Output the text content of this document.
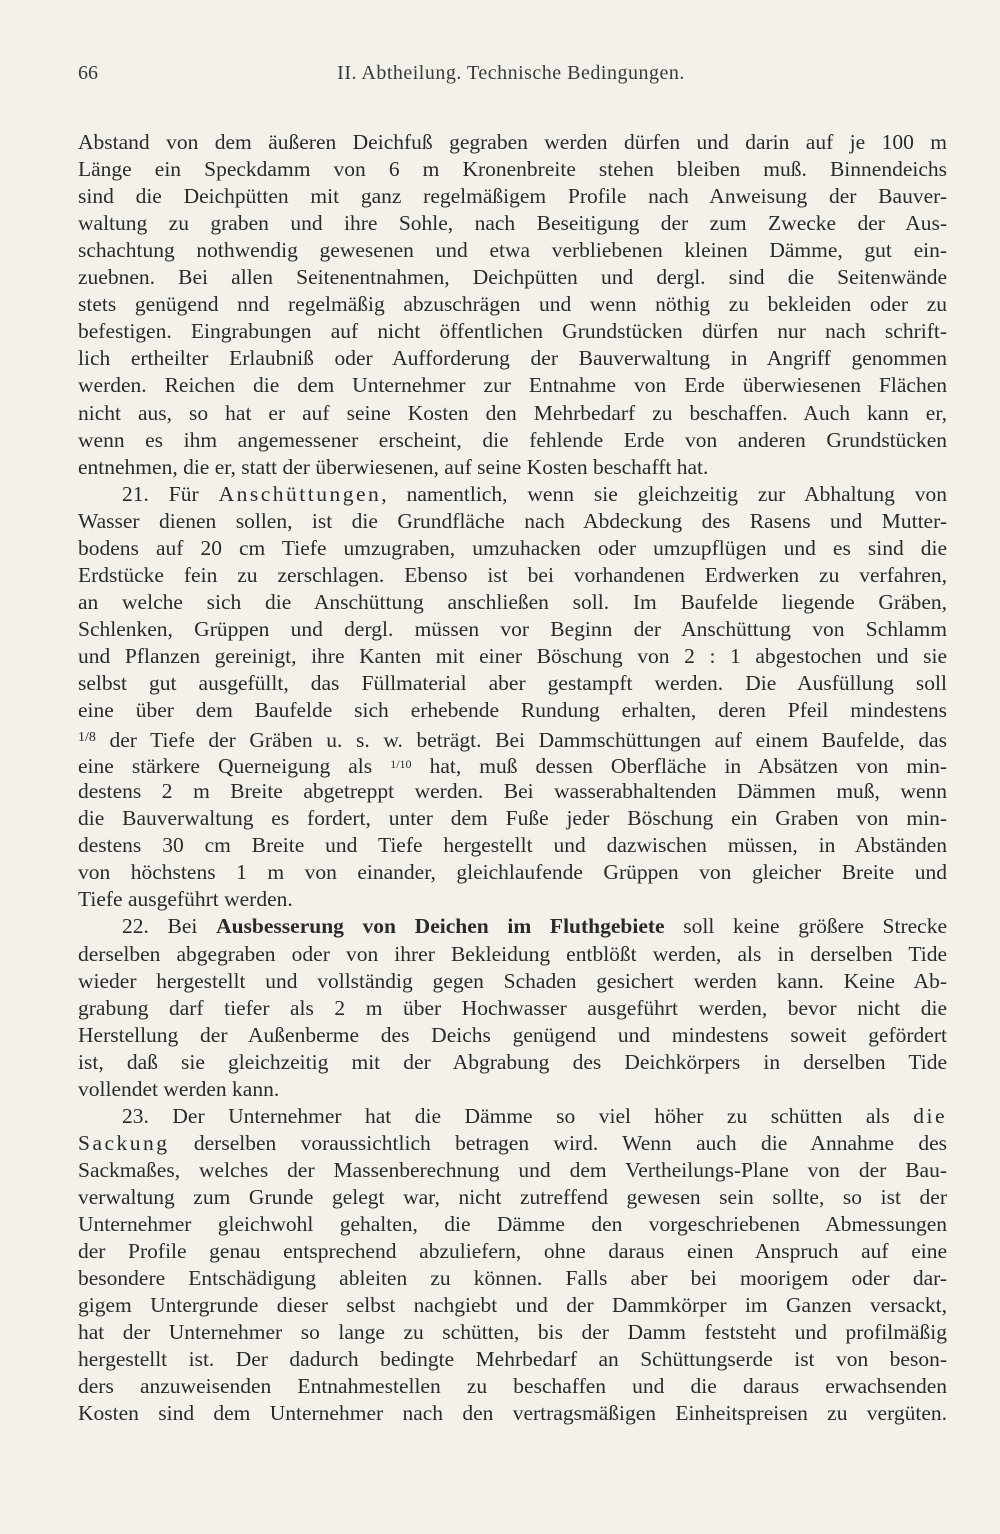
66	II. Abtheilung. Technische Bedingungen.
Abstand von dem äußeren Deichfuß gegraben werden dürfen und darin auf je 100 m
Länge ein Speckdamm von 6 m Kronenbreite stehen bleiben muß. Binnendeichs
sind die Deichpütten mit ganz regelmäßigem Profile nach Anweisung der Bauver-
waltung zu graben und ihre Sohle, nach Beseitigung der zum Zwecke der Aus-
schachtung nothwendig gewesenen und etwa verbliebenen kleinen Dämme, gut ein-
zuebnen. Bei allen Seitenentnahmen, Deichpütten und dergl. sind die Seitenwände
stets genügend nnd regelmäßig abzuschrägen und wenn nöthig zu bekleiden oder zu
befestigen. Eingrabungen auf nicht öffentlichen Grundstücken dürfen nur nach schrift-
lich ertheilter Erlaubniß oder Aufforderung der Bauverwaltung in Angriff genommen
werden. Reichen die dem Unternehmer zur Entnahme von Erde überwiesenen Flächen
nicht aus, so hat er auf seine Kosten den Mehrbedarf zu beschaffen. Auch kann er,
wenn es ihm angemessener erscheint, die fehlende Erde von anderen Grundstücken
entnehmen, die er, statt der überwiesenen, auf seine Kosten beschafft hat.
21. Für Anschüttungen, namentlich, wenn sie gleichzeitig zur Abhaltung von
Wasser dienen sollen, ist die Grundfläche nach Abdeckung des Rasens und Mutter-
bodens auf 20 cm Tiefe umzugraben, umzuhacken oder umzupflügen und es sind die
Erdstücke fein zu zerschlagen. Ebenso ist bei vorhandenen Erdwerken zu verfahren,
an welche sich die Anschüttung anschließen soll. Im Baufelde liegende Gräben,
Schlenken, Grüppen und dergl. müssen vor Beginn der Anschüttung von Schlamm
und Pflanzen gereinigt, ihre Kanten mit einer Böschung von 2 : 1 abgestochen und sie
selbst gut ausgefüllt, das Füllmaterial aber gestampft werden. Die Ausfüllung soll
eine über dem Baufelde sich erhebende Rundung erhalten, deren Pfeil mindestens
1/8 der Tiefe der Gräben u. s. w. beträgt. Bei Dammschüttungen auf einem Baufelde, das
eine stärkere Querneigung als 1/10 hat, muß dessen Oberfläche in Absätzen von min-
destens 2 m Breite abgetreppt werden. Bei wasserabhaltenden Dämmen muß, wenn
die Bauverwaltung es fordert, unter dem Fuße jeder Böschung ein Graben von min-
destens 30 cm Breite und Tiefe hergestellt und dazwischen müssen, in Abständen
von höchstens 1 m von einander, gleichlaufende Grüppen von gleicher Breite und
Tiefe ausgeführt werden.
22. Bei Ausbesserung von Deichen im Fluthgebiete soll keine größere Strecke
derselben abgegraben oder von ihrer Bekleidung entblößt werden, als in derselben Tide
wieder hergestellt und vollständig gegen Schaden gesichert werden kann. Keine Ab-
grabung darf tiefer als 2 m über Hochwasser ausgeführt werden, bevor nicht die
Herstellung der Außenberme des Deichs genügend und mindestens soweit gefördert
ist, daß sie gleichzeitig mit der Abgrabung des Deichkörpers in derselben Tide
vollendet werden kann.
23. Der Unternehmer hat die Dämme so viel höher zu schütten als die
Sackung derselben voraussichtlich betragen wird. Wenn auch die Annahme des
Sackmaßes, welches der Massenberechnung und dem Vertheilungs-Plane von der Bau-
verwaltung zum Grunde gelegt war, nicht zutreffend gewesen sein sollte, so ist der
Unternehmer gleichwohl gehalten, die Dämme den vorgeschriebenen Abmessungen
der Profile genau entsprechend abzuliefern, ohne daraus einen Anspruch auf eine
besondere Entschädigung ableiten zu können. Falls aber bei moorigem oder dar-
gigem Untergrunde dieser selbst nachgiebt und der Dammkörper im Ganzen versackt,
hat der Unternehmer so lange zu schütten, bis der Damm feststeht und profilmäßig
hergestellt ist. Der dadurch bedingte Mehrbedarf an Schüttungserde ist von beson-
ders anzuweisenden Entnahmestellen zu beschaffen und die daraus erwachsenden
Kosten sind dem Unternehmer nach den vertragsmäßigen Einheitspreisen zu vergüten.
